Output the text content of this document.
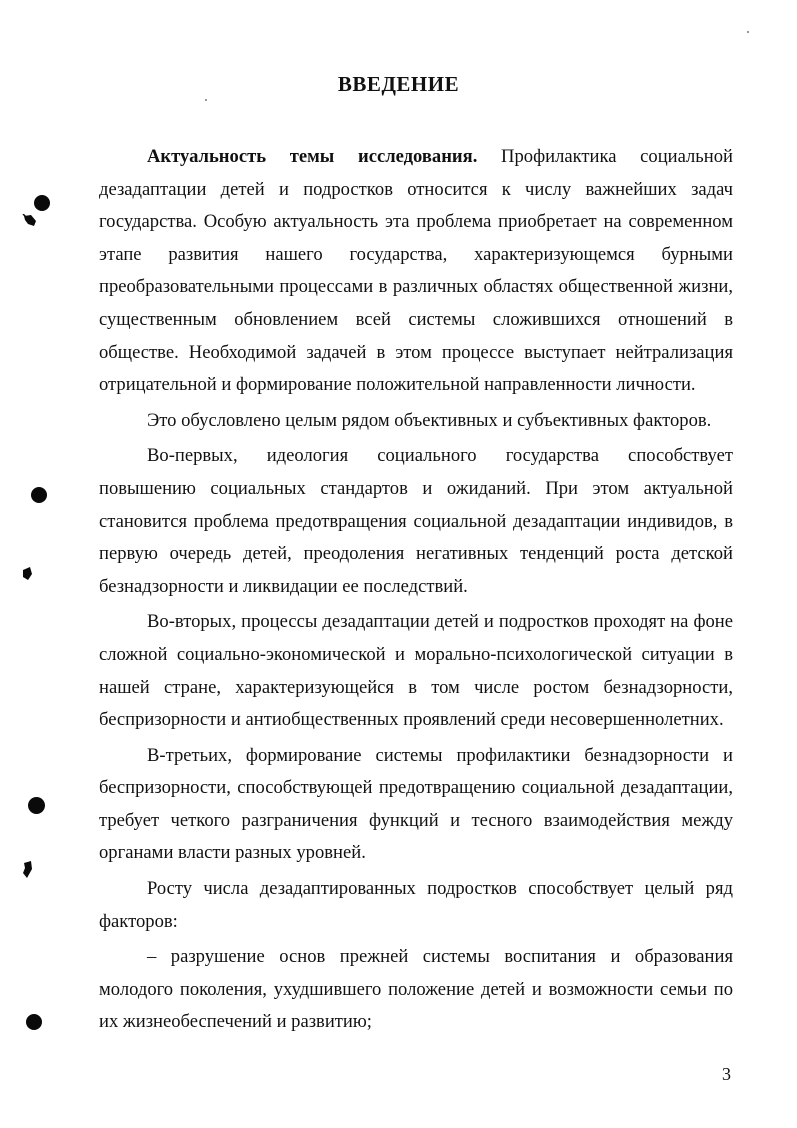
ВВЕДЕНИЕ

Актуальность темы исследования. Профилактика социальной дезадаптации детей и подростков относится к числу важнейших задач государства. Особую актуальность эта проблема приобретает на современном этапе развития нашего государства, характеризующемся бурными преобразовательными процессами в различных областях общественной жизни, существенным обновлением всей системы сложившихся отношений в обществе. Необходимой задачей в этом процессе выступает нейтрализация отрицательной и формирование положительной направленности личности.

Это обусловлено целым рядом объективных и субъективных факторов.

Во-первых, идеология социального государства способствует повышению социальных стандартов и ожиданий. При этом актуальной становится проблема предотвращения социальной дезадаптации индивидов, в первую очередь детей, преодоления негативных тенденций роста детской безнадзорности и ликвидации ее последствий.

Во-вторых, процессы дезадаптации детей и подростков проходят на фоне сложной социально-экономической и морально-психологической ситуации в нашей стране, характеризующейся в том числе ростом безнадзорности, беспризорности и антиобщественных проявлений среди несовершеннолетних.

В-третьих, формирование системы профилактики безнадзорности и беспризорности, способствующей предотвращению социальной дезадаптации, требует четкого разграничения функций и тесного взаимодействия между органами власти разных уровней.

Росту числа дезадаптированных подростков способствует целый ряд факторов:

– разрушение основ прежней системы воспитания и образования молодого поколения, ухудшившего положение детей и возможности семьи по их жизнеобеспечений и развитию;

3
